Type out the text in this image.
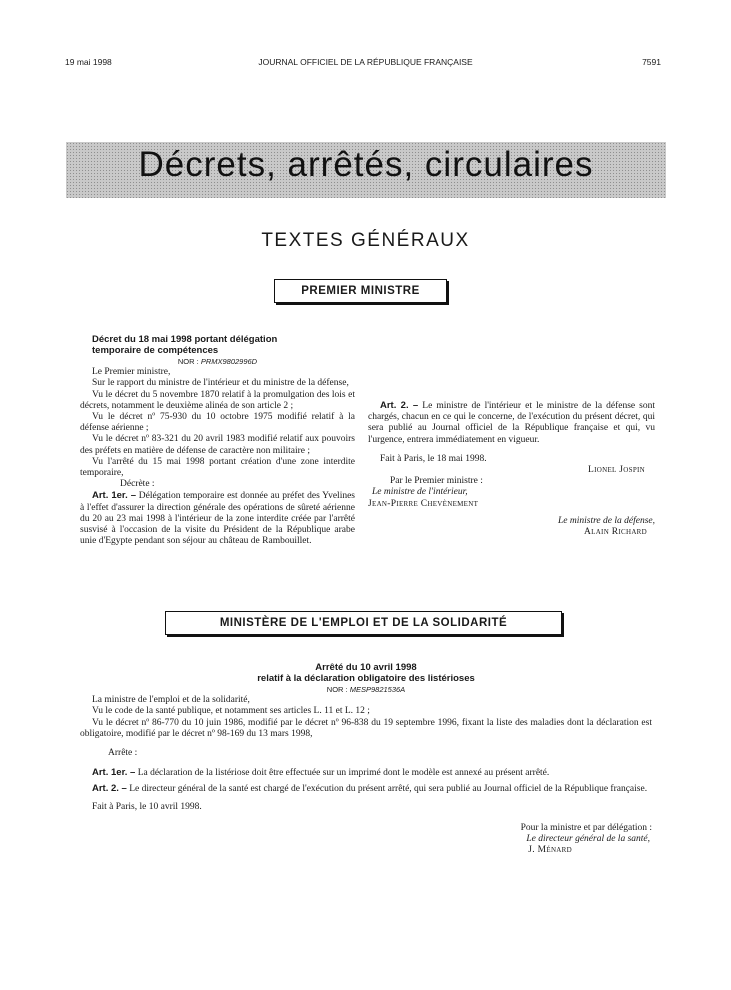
19 mai 1998	JOURNAL OFFICIEL DE LA RÉPUBLIQUE FRANÇAISE	7591
Décrets, arrêtés, circulaires
TEXTES GÉNÉRAUX
PREMIER MINISTRE

Décret du 18 mai 1998 portant délégation

temporaire de compétences

NOR : PRMX9802996D

Le Premier ministre,

Sur le rapport du ministre de l'intérieur et du ministre de la défense,

Vu le décret du 5 novembre 1870 relatif à la promulgation des lois et décrets, notamment le deuxième alinéa de son article 2 ;

Vu le décret nº 75-930 du 10 octobre 1975 modifié relatif à la défense aérienne ;

Vu le décret nº 83-321 du 20 avril 1983 modifié relatif aux pouvoirs des préfets en matière de défense de caractère non militaire ;

Vu l'arrêté du 15 mai 1998 portant création d'une zone interdite temporaire,

Décrète :

Art. 1er. – Délégation temporaire est donnée au préfet des Yvelines à l'effet d'assurer la direction générale des opérations de sûreté aérienne du 20 au 23 mai 1998 à l'intérieur de la zone interdite créée par l'arrêté susvisé à l'occasion de la visite du Président de la République arabe unie d'Egypte pendant son séjour au château de Rambouillet.

Art. 2. – Le ministre de l'intérieur et le ministre de la défense sont chargés, chacun en ce qui le concerne, de l'exécution du présent décret, qui sera publié au Journal officiel de la République française et qui, vu l'urgence, entrera immédiatement en vigueur.

Fait à Paris, le 18 mai 1998.

Lionel Jospin

Par le Premier ministre :

Le ministre de l'intérieur,

Jean-Pierre Chevènement

Le ministre de la défense,

Alain Richard

MINISTÈRE DE L'EMPLOI ET DE LA SOLIDARITÉ

Arrêté du 10 avril 1998

relatif à la déclaration obligatoire des listérioses

NOR : MESP9821536A

La ministre de l'emploi et de la solidarité,

Vu le code de la santé publique, et notamment ses articles L. 11 et L. 12 ;

Vu le décret nº 86-770 du 10 juin 1986, modifié par le décret nº 96-838 du 19 septembre 1996, fixant la liste des maladies dont la déclaration est obligatoire, modifié par le décret nº 98-169 du 13 mars 1998,

Arrête :

Art. 1er. – La déclaration de la listériose doit être effectuée sur un imprimé dont le modèle est annexé au présent arrêté.

Art. 2. – Le directeur général de la santé est chargé de l'exécution du présent arrêté, qui sera publié au Journal officiel de la République française.

Fait à Paris, le 10 avril 1998.

Pour la ministre et par délégation :

Le directeur général de la santé,

J. Ménard
